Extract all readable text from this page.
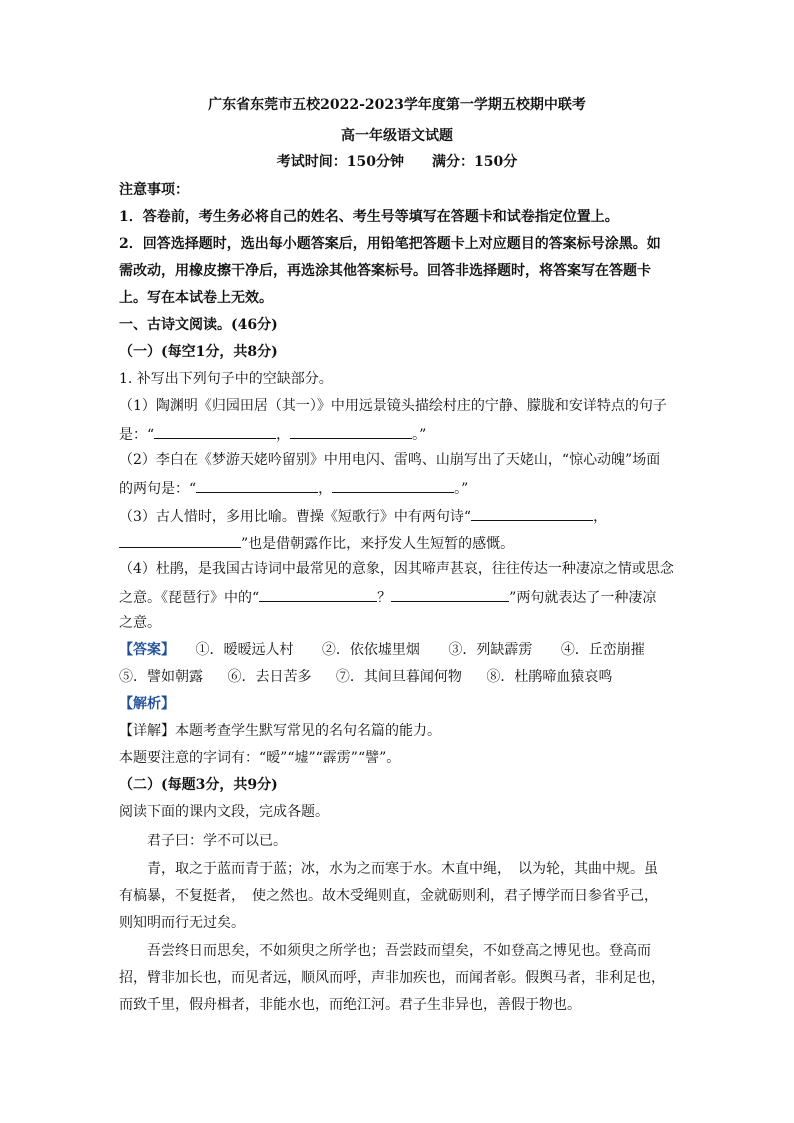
广东省东莞市五校2022-2023学年度第一学期五校期中联考
高一年级语文试题
考试时间：150分钟　　满分：150分
注意事项：
1．答卷前，考生务必将自己的姓名、考生号等填写在答题卡和试卷指定位置上。
2．回答选择题时，选出每小题答案后，用铅笔把答题卡上对应题目的答案标号涂黑。如
需改动，用橡皮擦干净后，再选涂其他答案标号。回答非选择题时，将答案写在答题卡
上。写在本试卷上无效。
一、古诗文阅读。(46分)
（一）(每空1分，共8分)
1. 补写出下列句子中的空缺部分。
（1）陶渊明《归园田居（其一）》中用远景镜头描绘村庄的宁静、朦胧和安详特点的句子
是：“	，	。”
（2）李白在《梦游天姥吟留别》中用电闪、雷鸣、山崩写出了天姥山，“惊心动魄”场面
的两句是：“	，	。”
（3）古人惜时，多用比喻。曹操《短歌行》中有两句诗“	，
”也是借朝露作比，来抒发人生短暂的感慨。
（4）杜鹃，是我国古诗词中最常见的意象，因其啼声甚哀，往往传达一种凄凉之情或思念
之意。《琵琶行》中的“	？	”两句就表达了一种凄凉
之意。
【答案】 ①．暧暧远人村 ②．依依墟里烟 ③．列缺霹雳 ④．丘峦崩摧
⑤．譬如朝露 ⑥．去日苦多 ⑦．其间旦暮闻何物 ⑧．杜鹃啼血猿哀鸣
【解析】
【详解】本题考查学生默写常见的名句名篇的能力。
本题要注意的字词有：“暧”“墟”“霹雳”“譬”。
（二）(每题3分，共9分)
阅读下面的课内文段，完成各题。
君子曰：学不可以已。
青，取之于蓝而青于蓝；冰，水为之而寒于水。木直中绳，　以为轮，其曲中规。虽
有槁暴，不复挺者，　使之然也。故木受绳则直，金就砺则利，君子博学而日参省乎己，
则知明而行无过矣。
吾尝终日而思矣，不如须臾之所学也；吾尝跂而望矣，不如登高之博见也。登高而
招，臂非加长也，而见者远，顺风而呼，声非加疾也，而闻者彰。假舆马者，非利足也，
而致千里，假舟楫者，非能水也，而绝江河。君子生非异也，善假于物也。
